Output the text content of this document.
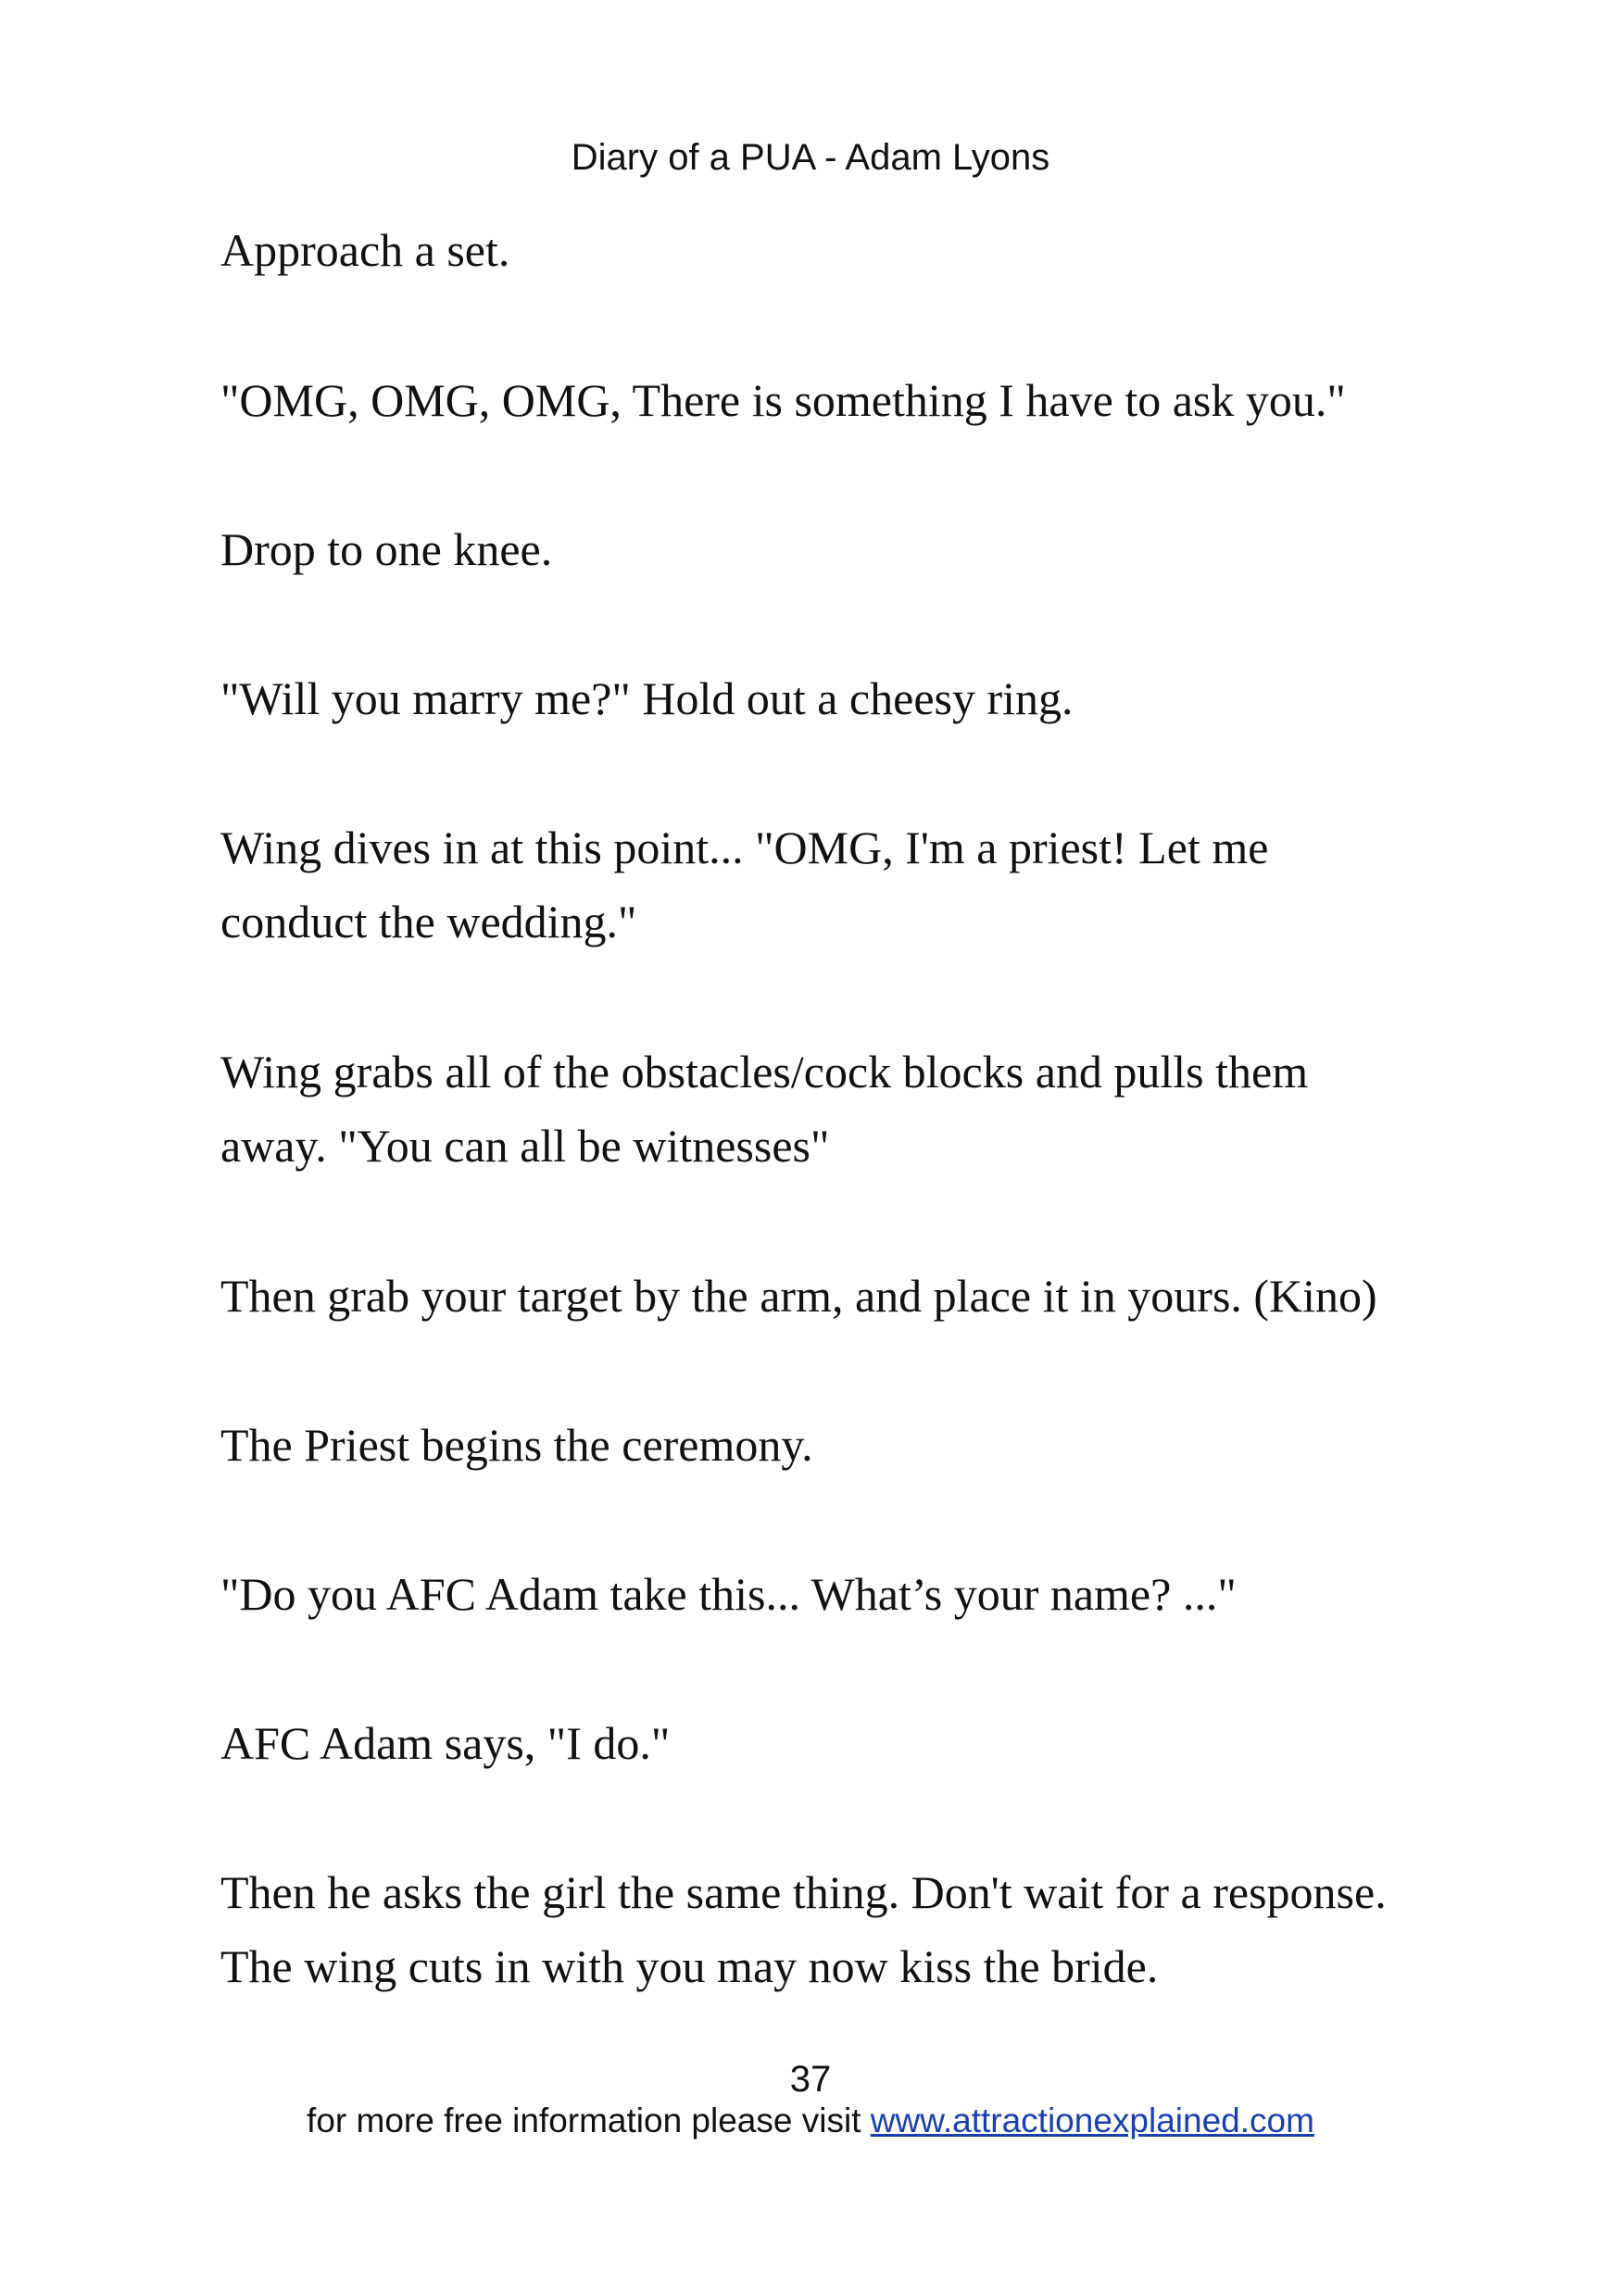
Diary of a PUA - Adam Lyons
Approach a set.
"OMG, OMG, OMG, There is something I have to ask you."
Drop to one knee.
"Will you marry me?" Hold out a cheesy ring.
Wing dives in at this point... "OMG, I'm a priest! Let me
conduct the wedding."
Wing grabs all of the obstacles/cock blocks and pulls them
away. "You can all be witnesses"
Then grab your target by the arm, and place it in yours. (Kino)
The Priest begins the ceremony.
"Do you AFC Adam take this... What’s your name? ..."
AFC Adam says, "I do."
Then he asks the girl the same thing. Don't wait for a response.
The wing cuts in with you may now kiss the bride.
37
for more free information please visit www.attractionexplained.com
